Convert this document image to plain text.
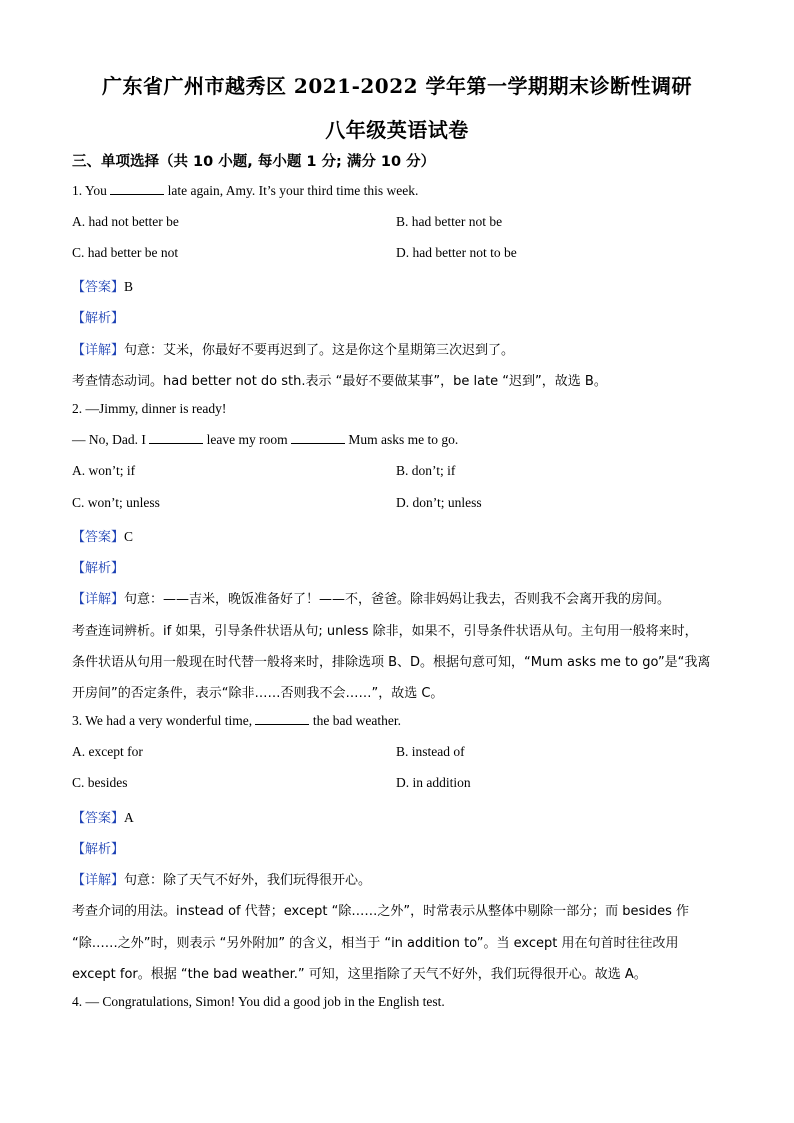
广东省广州市越秀区 2021-2022 学年第一学期期末诊断性调研
八年级英语试卷
三、单项选择（共 10 小题, 每小题 1 分; 满分 10 分）
1. You	late again, Amy. It’s your third time this week.
A. had not better be	B. had better not be
C. had better be not	D. had better not to be
【答案】B
【解析】
【详解】句意：艾米，你最好不要再迟到了。这是你这个星期第三次迟到了。
考查情态动词。had better not do sth.表示 “最好不要做某事”，be late “迟到”，故选 B。
2. —Jimmy, dinner is ready!
— No, Dad. I	leave my room	Mum asks me to go.
A. won’t; if	B. don’t; if
C. won’t; unless	D. don’t; unless
【答案】C
【解析】
【详解】句意：——吉米，晚饭准备好了！——不，爸爸。除非妈妈让我去，否则我不会离开我的房间。
考查连词辨析。if 如果，引导条件状语从句; unless 除非，如果不，引导条件状语从句。主句用一般将来时，
条件状语从句用一般现在时代替一般将来时，排除选项 B、D。根据句意可知，“Mum asks me to go”是“我离
开房间”的否定条件，表示“除非……否则我不会……”，故选 C。
3. We had a very wonderful time,	the bad weather.
A. except for	B. instead of
C. besides	D. in addition
【答案】A
【解析】
【详解】句意：除了天气不好外，我们玩得很开心。
考查介词的用法。instead of 代替；except “除……之外”，时常表示从整体中剔除一部分；而 besides 作
“除……之外”时，则表示 “另外附加” 的含义，相当于 “in addition to”。当 except 用在句首时往往改用
except for。根据 “the bad weather.” 可知，这里指除了天气不好外，我们玩得很开心。故选 A。
4. — Congratulations, Simon! You did a good job in the English test.
